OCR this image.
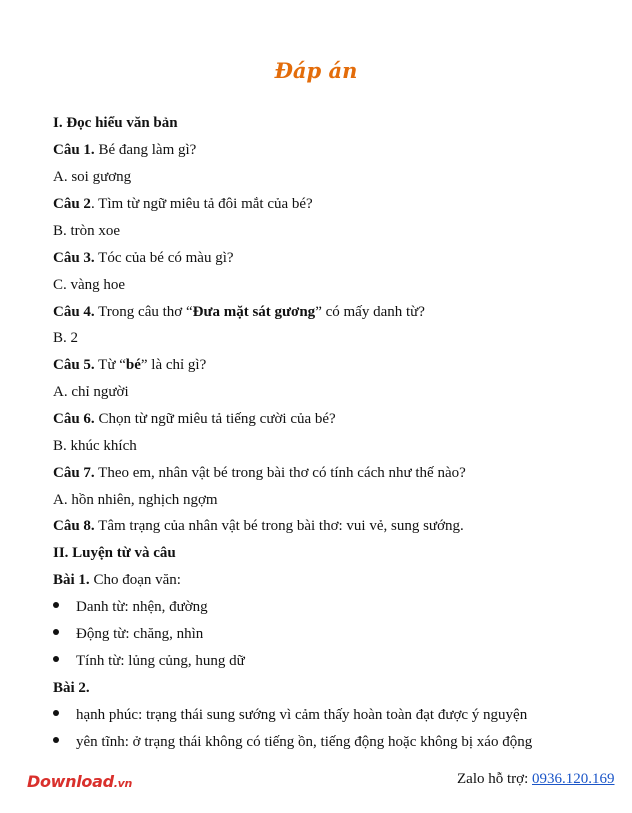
Đáp án
I. Đọc hiểu văn bản
Câu 1. Bé đang làm gì?
A. soi gương
Câu 2. Tìm từ ngữ miêu tả đôi mắt của bé?
B. tròn xoe
Câu 3. Tóc của bé có màu gì?
C. vàng hoe
Câu 4. Trong câu thơ “Đưa mặt sát gương” có mấy danh từ?
B. 2
Câu 5. Từ “bé” là chỉ gì?
A. chỉ người
Câu 6. Chọn từ ngữ miêu tả tiếng cười của bé?
B. khúc khích
Câu 7. Theo em, nhân vật bé trong bài thơ có tính cách như thế nào?
A. hồn nhiên, nghịch ngợm
Câu 8. Tâm trạng của nhân vật bé trong bài thơ: vui vẻ, sung sướng.
II. Luyện từ và câu
Bài 1. Cho đoạn văn:
Danh từ: nhện, đường
Động từ: chăng, nhìn
Tính từ: lủng củng, hung dữ
Bài 2.
hạnh phúc: trạng thái sung sướng vì cảm thấy hoàn toàn đạt được ý nguyện
yên tĩnh: ở trạng thái không có tiếng ồn, tiếng động hoặc không bị xáo động
Download.vn	Zalo hỗ trợ: 0936.120.169
